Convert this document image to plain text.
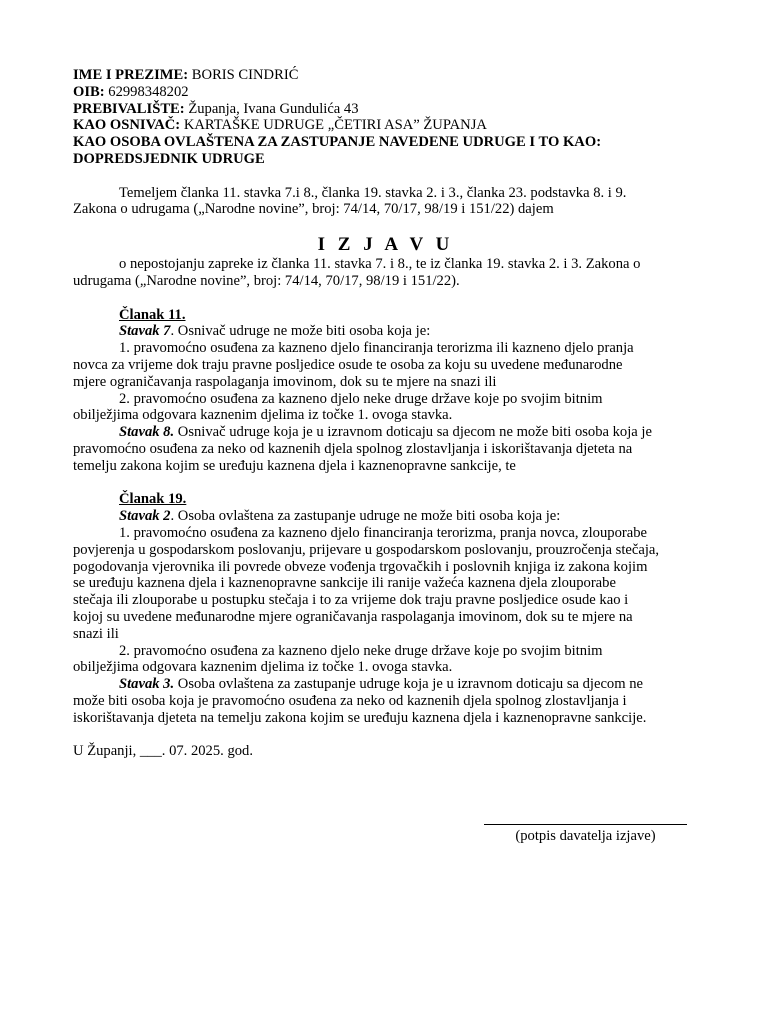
IME I PREZIME: BORIS CINDRIĆ
OIB: 62998348202
PREBIVALIŠTE: Županja, Ivana Gundulića 43
KAO OSNIVAČ: KARTAŠKE UDRUGE „ČETIRI ASA” ŽUPANJA
KAO OSOBA OVLAŠTENA ZA ZASTUPANJE NAVEDENE UDRUGE I TO KAO:
DOPREDSJEDNIK UDRUGE
Temeljem članka 11. stavka 7.i 8., članka 19. stavka 2. i 3., članka 23. podstavka 8. i 9.
Zakona o udrugama („Narodne novine”, broj: 74/14, 70/17, 98/19 i 151/22) dajem
I Z J A V U
o nepostojanju zapreke iz članka 11. stavka 7. i 8., te iz članka 19. stavka 2. i 3. Zakona o
udrugama („Narodne novine”, broj: 74/14, 70/17, 98/19 i 151/22).
Članak 11.
Stavak 7. Osnivač udruge ne može biti osoba koja je:
1. pravomoćno osuđena za kazneno djelo financiranja terorizma ili kazneno djelo pranja
novca za vrijeme dok traju pravne posljedice osude te osoba za koju su uvedene međunarodne
mjere ograničavanja raspolaganja imovinom, dok su te mjere na snazi ili
2. pravomoćno osuđena za kazneno djelo neke druge države koje po svojim bitnim
obilježjima odgovara kaznenim djelima iz točke 1. ovoga stavka.
Stavak 8. Osnivač udruge koja je u izravnom doticaju sa djecom ne može biti osoba koja je
pravomoćno osuđena za neko od kaznenih djela spolnog zlostavljanja i iskorištavanja djeteta na
temelju zakona kojim se uređuju kaznena djela i kaznenopravne sankcije, te
Članak 19.
Stavak 2. Osoba ovlaštena za zastupanje udruge ne može biti osoba koja je:
1. pravomoćno osuđena za kazneno djelo financiranja terorizma, pranja novca, zlouporabe
povjerenja u gospodarskom poslovanju, prijevare u gospodarskom poslovanju, prouzročenja stečaja,
pogodovanja vjerovnika ili povrede obveze vođenja trgovačkih i poslovnih knjiga iz zakona kojim
se uređuju kaznena djela i kaznenopravne sankcije ili ranije važeća kaznena djela zlouporabe
stečaja ili zlouporabe u postupku stečaja i to za vrijeme dok traju pravne posljedice osude kao i
kojoj su uvedene međunarodne mjere ograničavanja raspolaganja imovinom, dok su te mjere na
snazi ili
2. pravomoćno osuđena za kazneno djelo neke druge države koje po svojim bitnim
obilježjima odgovara kaznenim djelima iz točke 1. ovoga stavka.
Stavak 3. Osoba ovlaštena za zastupanje udruge koja je u izravnom doticaju sa djecom ne
može biti osoba koja je pravomoćno osuđena za neko od kaznenih djela spolnog zlostavljanja i
iskorištavanja djeteta na temelju zakona kojim se uređuju kaznena djela i kaznenopravne sankcije.
U Županji, ___. 07. 2025. god.
(potpis davatelja izjave)
